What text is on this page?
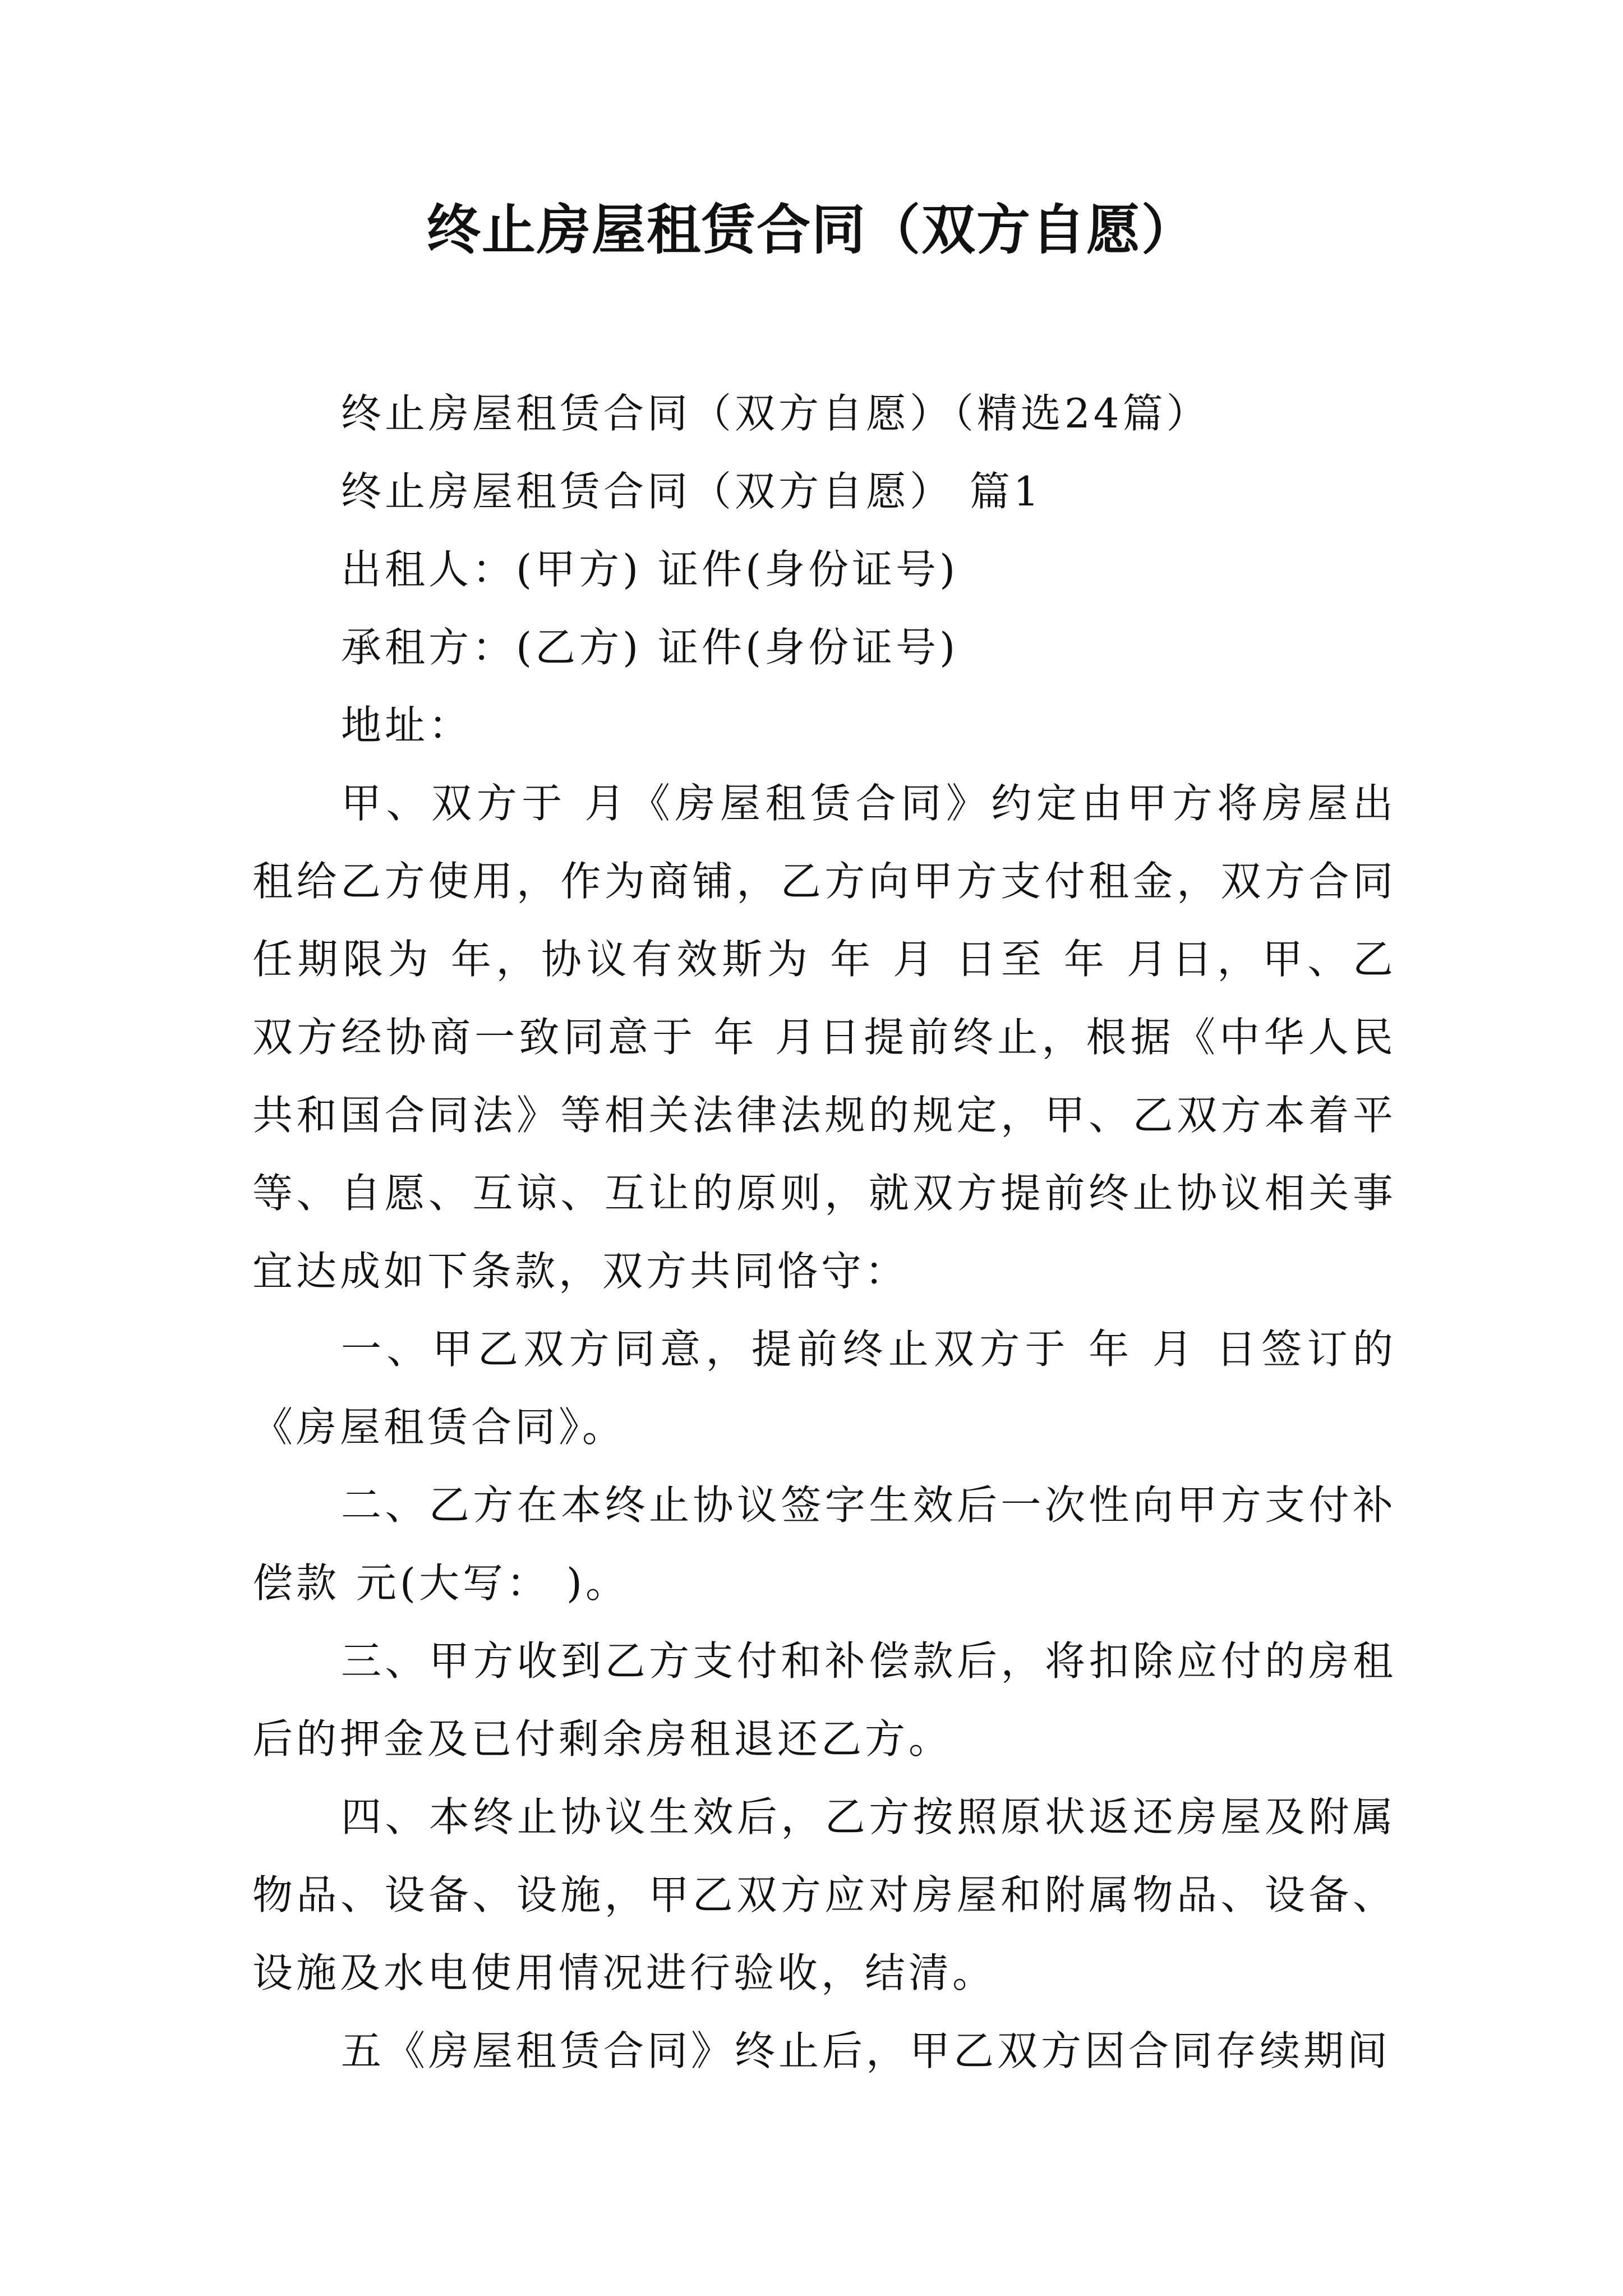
终止房屋租赁合同（双方自愿）

终止房屋租赁合同（双方自愿）（精选24篇）

终止房屋租赁合同（双方自愿） 篇1

出租人：(甲方) 证件(身份证号)

承租方：(乙方) 证件(身份证号)

地址：

甲、双方于 月《房屋租赁合同》约定由甲方将房屋出租给乙方使用，作为商铺，乙方向甲方支付租金，双方合同任期限为 年，协议有效斯为 年 月 日至 年 月日，甲、乙双方经协商一致同意于 年 月日提前终止，根据《中华人民共和国合同法》等相关法律法规的规定，甲、乙双方本着平等、自愿、互谅、互让的原则，就双方提前终止协议相关事宜达成如下条款，双方共同恪守：

一、甲乙双方同意，提前终止双方于 年 月 日签订的《房屋租赁合同》。

二、乙方在本终止协议签字生效后一次性向甲方支付补偿款 元(大写： )。

三、甲方收到乙方支付和补偿款后，将扣除应付的房租后的押金及已付剩余房租退还乙方。

四、本终止协议生效后，乙方按照原状返还房屋及附属物品、设备、设施，甲乙双方应对房屋和附属物品、设备、设施及水电使用情况进行验收，结清。

五《房屋租赁合同》终止后，甲乙双方因合同存续期间
